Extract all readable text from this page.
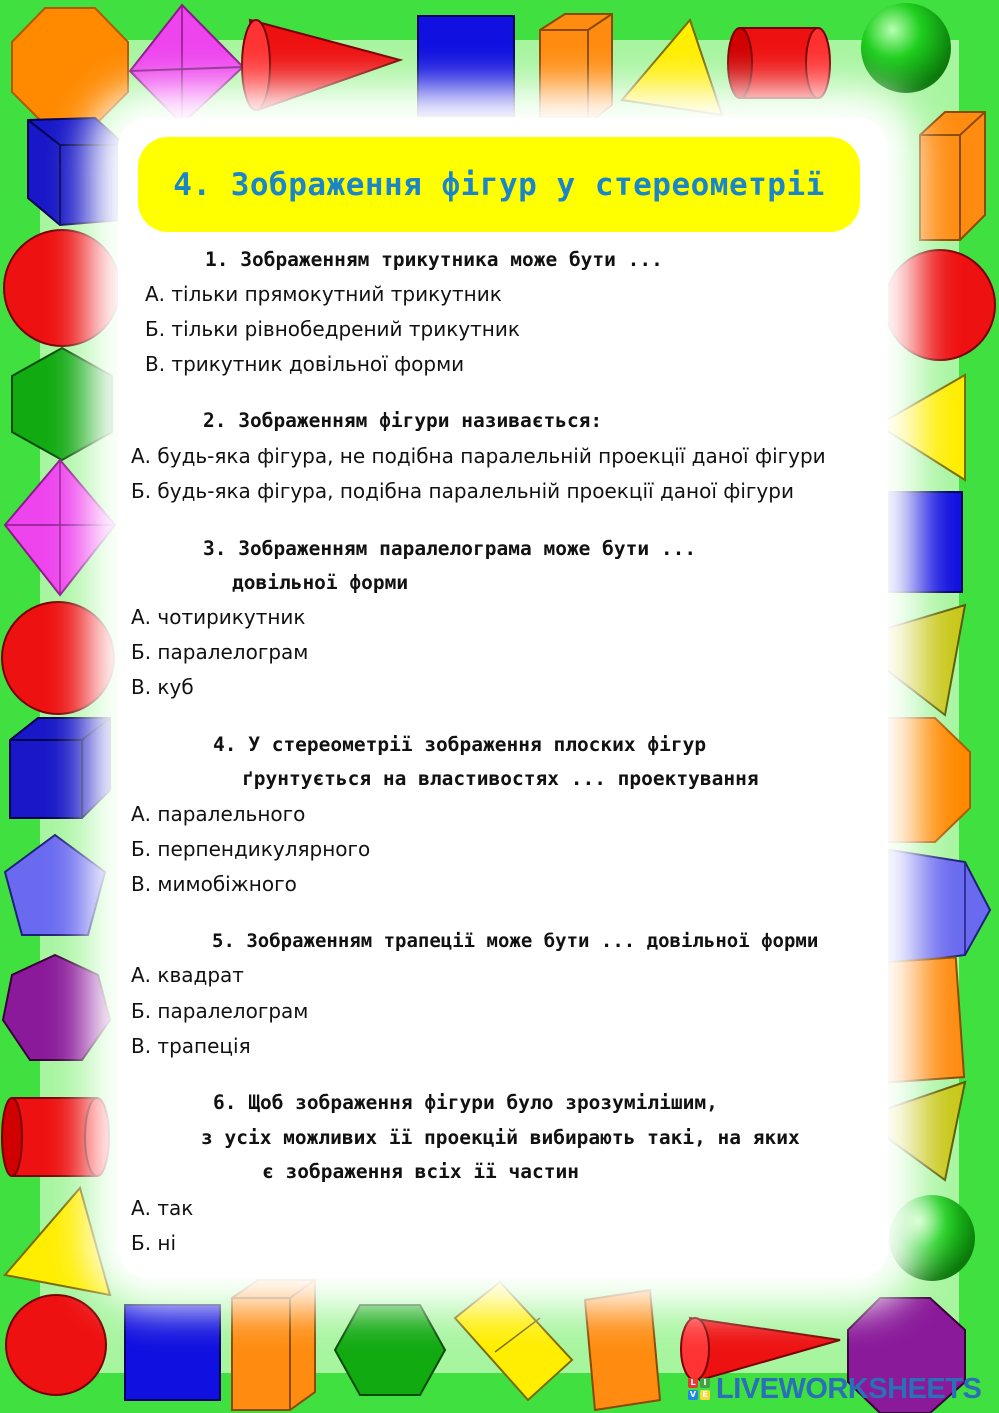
4. Зображення фігур у стереометрії
1. Зображенням трикутника може бути ...
А. тільки прямокутний трикутник
Б. тільки рівнобедрений трикутник
В. трикутник довільної форми
2. Зображенням фігури називається:
А. будь-яка фігура, не подібна паралельній проекції даної фігури
Б. будь-яка фігура, подібна паралельній проекції даної фігури
3. Зображенням паралелограма може бути ...
довільної форми
А. чотирикутник
Б. паралелограм
В. куб
4. У стереометрії зображення плоских фігур
ґрунтується на властивостях ... проектування
А. паралельного
Б. перпендикулярного
В. мимобіжного
5. Зображенням трапеції може бути ... довільної форми
А. квадрат
Б. паралелограм
В. трапеція
6. Щоб зображення фігури було зрозумілішим,
з усіх можливих її проекцій вибирають такі, на яких
є зображення всіх її частин
А. так
Б. ні
L I
V E LIVEWORKSHEETS
